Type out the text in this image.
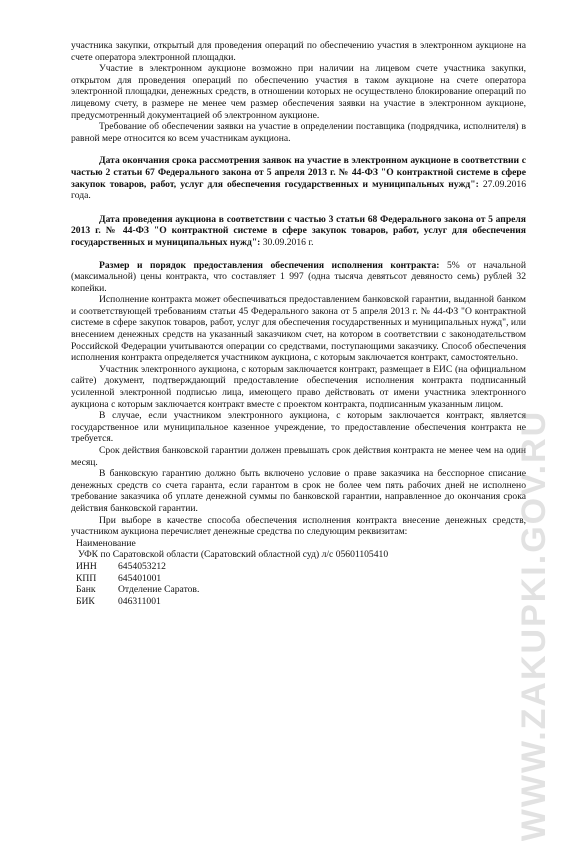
участника закупки, открытый для проведения операций по обеспечению участия в электронном аукционе на счете оператора электронной площадки.

Участие в электронном аукционе возможно при наличии на лицевом счете участника закупки, открытом для проведения операций по обеспечению участия в таком аукционе на счете оператора электронной площадки, денежных средств, в отношении которых не осуществлено блокирование операций по лицевому счету, в размере не менее чем размер обеспечения заявки на участие в электронном аукционе, предусмотренный документацией об электронном аукционе.

Требование об обеспечении заявки на участие в определении поставщика (подрядчика, исполнителя) в равной мере относится ко всем участникам аукциона.

Дата окончания срока рассмотрения заявок на участие в электронном аукционе в соответствии с частью 2 статьи 67 Федерального закона от 5 апреля 2013 г. № 44-ФЗ "О контрактной системе в сфере закупок товаров, работ, услуг для обеспечения государственных и муниципальных нужд": 27.09.2016 года.

Дата проведения аукциона в соответствии с частью 3 статьи 68 Федерального закона от 5 апреля 2013 г. № 44-ФЗ "О контрактной системе в сфере закупок товаров, работ, услуг для обеспечения государственных и муниципальных нужд": 30.09.2016 г.

Размер и порядок предоставления обеспечения исполнения контракта: 5% от начальной (максимальной) цены контракта, что составляет 1 997 (одна тысяча девятьсот девяносто семь) рублей 32 копейки.

Исполнение контракта может обеспечиваться предоставлением банковской гарантии, выданной банком и соответствующей требованиям статьи 45 Федерального закона от 5 апреля 2013 г. № 44-ФЗ "О контрактной системе в сфере закупок товаров, работ, услуг для обеспечения государственных и муниципальных нужд", или внесением денежных средств на указанный заказчиком счет, на котором в соответствии с законодательством Российской Федерации учитываются операции со средствами, поступающими заказчику. Способ обеспечения исполнения контракта определяется участником аукциона, с которым заключается контракт, самостоятельно.

Участник электронного аукциона, с которым заключается контракт, размещает в ЕИС (на официальном сайте) документ, подтверждающий предоставление обеспечения исполнения контракта подписанный усиленной электронной подписью лица, имеющего право действовать от имени участника электронного аукциона с которым заключается контракт вместе с проектом контракта, подписанным указанным лицом.

В случае, если участником электронного аукциона, с которым заключается контракт, является государственное или муниципальное казенное учреждение, то предоставление обеспечения контракта не требуется.

Срок действия банковской гарантии должен превышать срок действия контракта не менее чем на один месяц.

В банковскую гарантию должно быть включено условие о праве заказчика на бесспорное списание денежных средств со счета гаранта, если гарантом в срок не более чем пять рабочих дней не исполнено требование заказчика об уплате денежной суммы по банковской гарантии, направленное до окончания срока действия банковской гарантии.

При выборе в качестве способа обеспечения исполнения контракта внесение денежных средств, участником аукциона перечисляет денежные средства по следующим реквизитам:

Наименование
УФК по Саратовской области (Саратовский областной суд) л/с 05601105410
ИНН	6454053212
КПП	645401001
Банк	Отделение Саратов.
БИК	046311001	WWW.ZAKUPKI.GOV.RU
